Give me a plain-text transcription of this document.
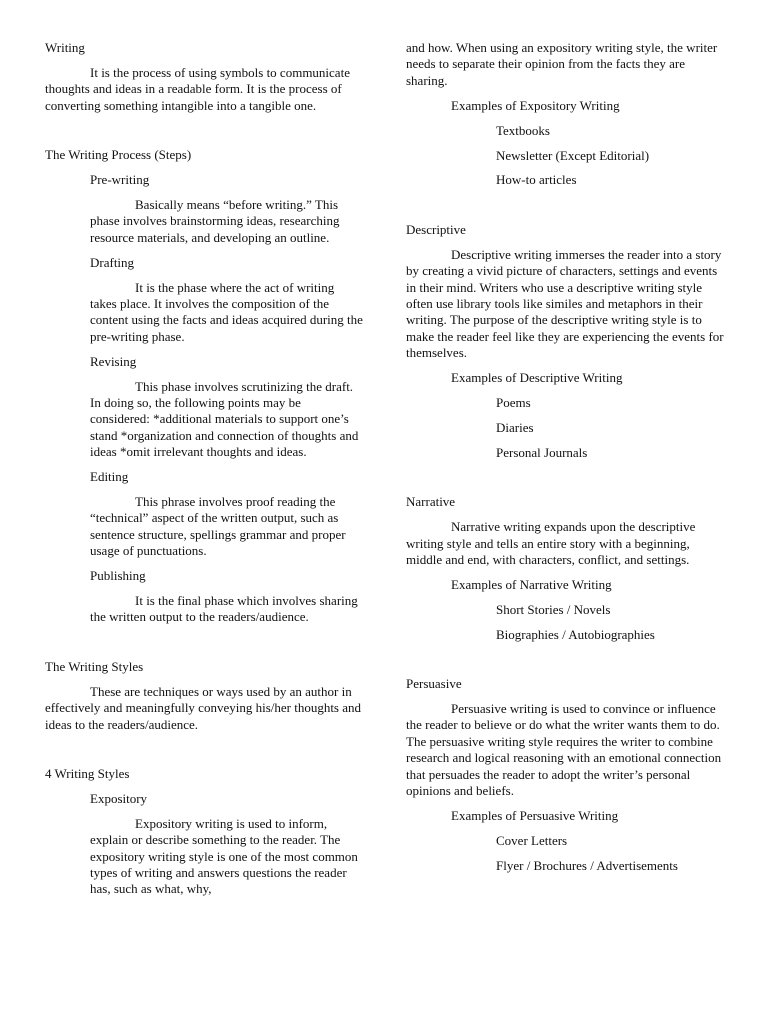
Writing
It is the process of using symbols to communicate thoughts and ideas in a readable form. It is the process of converting something intangible into a tangible one.
The Writing Process (Steps)
Pre-writing
Basically means “before writing.” This phase involves brainstorming ideas, researching resource materials, and developing an outline.
Drafting
It is the phase where the act of writing takes place. It involves the composition of the content using the facts and ideas acquired during the pre-writing phase.
Revising
This phase involves scrutinizing the draft. In doing so, the following points may be considered: *additional materials to support one’s stand *organization and connection of thoughts and ideas *omit irrelevant thoughts and ideas.
Editing
This phrase involves proof reading the “technical” aspect of the written output, such as sentence structure, spellings grammar and proper usage of punctuations.
Publishing
It is the final phase which involves sharing the written output to the readers/audience.
The Writing Styles
These are techniques or ways used by an author in effectively and meaningfully conveying his/her thoughts and ideas to the readers/audience.
4 Writing Styles
Expository
Expository writing is used to inform, explain or describe something to the reader. The expository writing style is one of the most common types of writing and answers questions the reader has, such as what, why,
and how. When using an expository writing style, the writer needs to separate their opinion from the facts they are sharing.
Examples of Expository Writing
Textbooks
Newsletter (Except Editorial)
How-to articles
Descriptive
Descriptive writing immerses the reader into a story by creating a vivid picture of characters, settings and events in their mind. Writers who use a descriptive writing style often use library tools like similes and metaphors in their writing. The purpose of the descriptive writing style is to make the reader feel like they are experiencing the events for themselves.
Examples of Descriptive Writing
Poems
Diaries
Personal Journals
Narrative
Narrative writing expands upon the descriptive writing style and tells an entire story with a beginning, middle and end, with characters, conflict, and settings.
Examples of Narrative Writing
Short Stories / Novels
Biographies / Autobiographies
Persuasive
Persuasive writing is used to convince or influence the reader to believe or do what the writer wants them to do. The persuasive writing style requires the writer to combine research and logical reasoning with an emotional connection that persuades the reader to adopt the writer’s personal opinions and beliefs.
Examples of Persuasive Writing
Cover Letters
Flyer / Brochures / Advertisements
